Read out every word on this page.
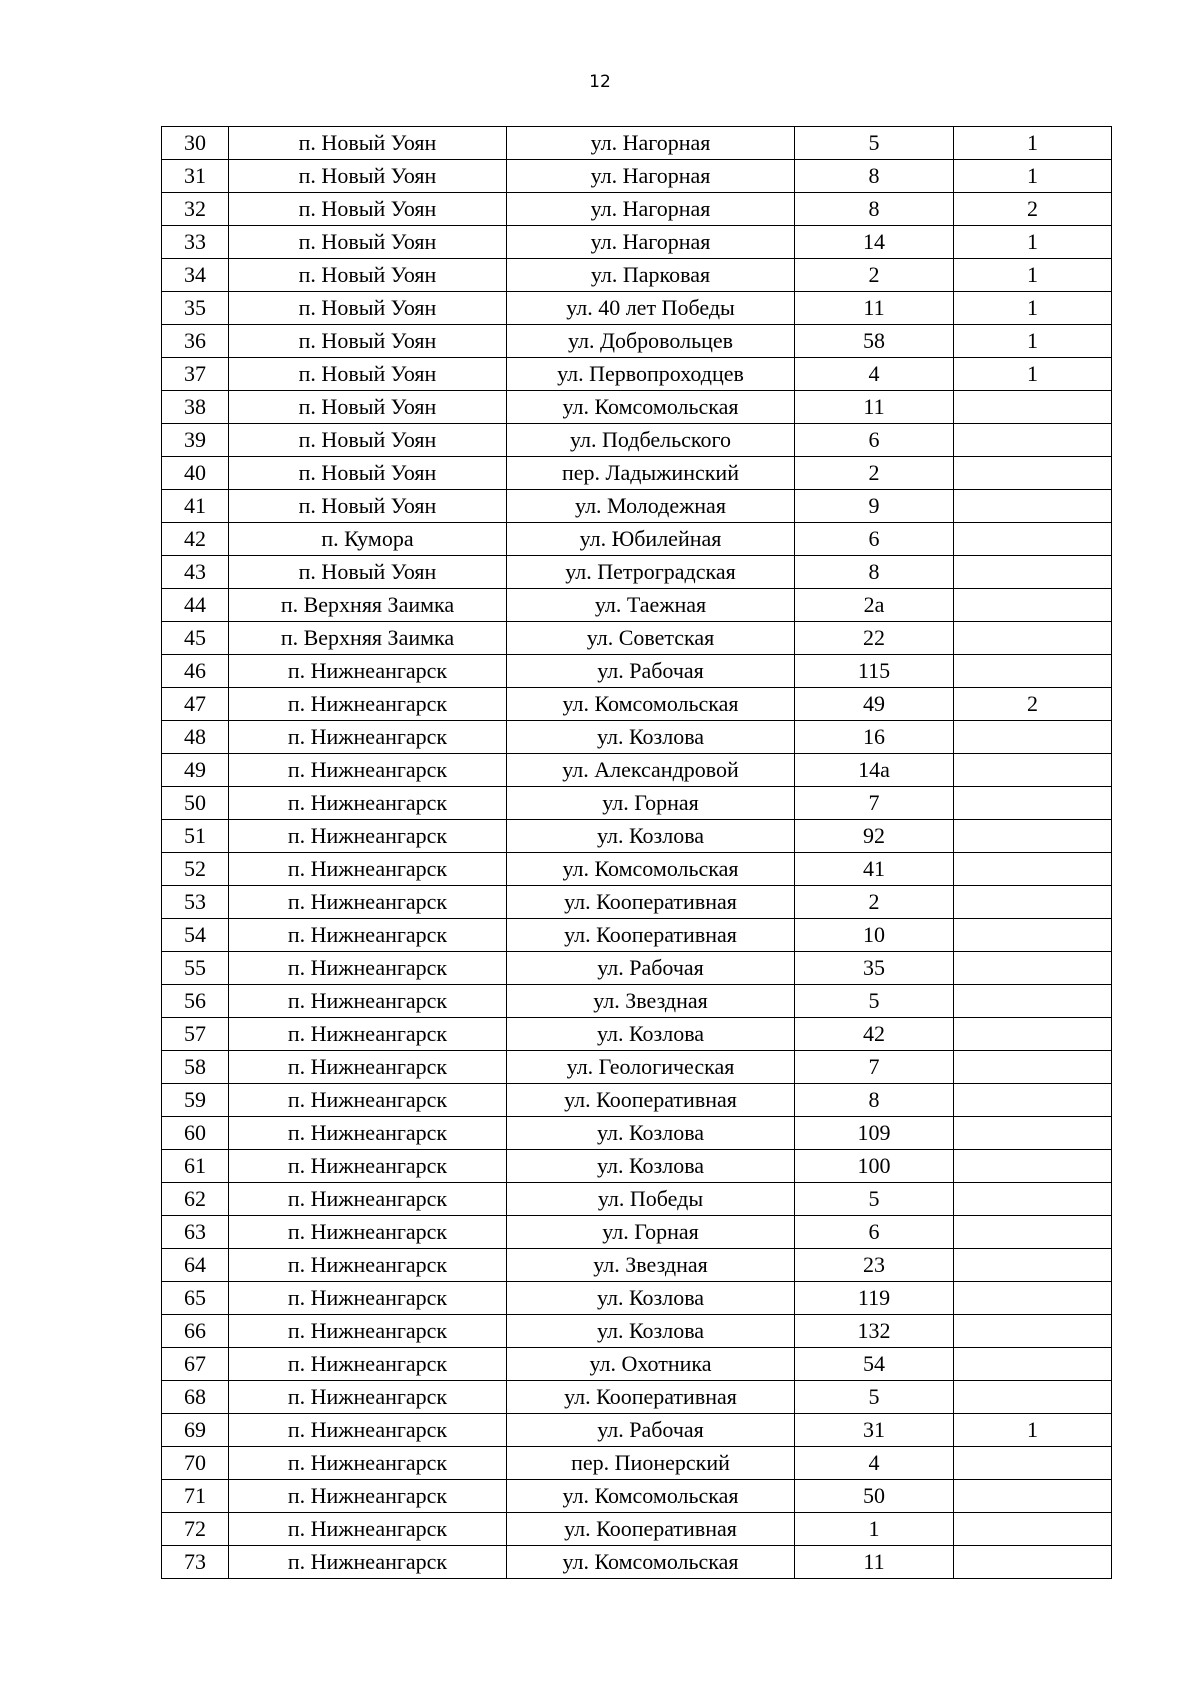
12
30	п. Новый Уоян	ул. Нагорная	5	1
31	п. Новый Уоян	ул. Нагорная	8	1
32	п. Новый Уоян	ул. Нагорная	8	2
33	п. Новый Уоян	ул. Нагорная	14	1
34	п. Новый Уоян	ул. Парковая	2	1
35	п. Новый Уоян	ул. 40 лет Победы	11	1
36	п. Новый Уоян	ул. Добровольцев	58	1
37	п. Новый Уоян	ул. Первопроходцев	4	1
38	п. Новый Уоян	ул. Комсомольская	11	
39	п. Новый Уоян	ул. Подбельского	6	
40	п. Новый Уоян	пер. Ладыжинский	2	
41	п. Новый Уоян	ул. Молодежная	9	
42	п. Кумора	ул. Юбилейная	6	
43	п. Новый Уоян	ул. Петроградская	8	
44	п. Верхняя Заимка	ул. Таежная	2а	
45	п. Верхняя Заимка	ул. Советская	22	
46	п. Нижнеангарск	ул. Рабочая	115	
47	п. Нижнеангарск	ул. Комсомольская	49	2
48	п. Нижнеангарск	ул. Козлова	16	
49	п. Нижнеангарск	ул. Александровой	14а	
50	п. Нижнеангарск	ул. Горная	7	
51	п. Нижнеангарск	ул. Козлова	92	
52	п. Нижнеангарск	ул. Комсомольская	41	
53	п. Нижнеангарск	ул. Кооперативная	2	
54	п. Нижнеангарск	ул. Кооперативная	10	
55	п. Нижнеангарск	ул. Рабочая	35	
56	п. Нижнеангарск	ул. Звездная	5	
57	п. Нижнеангарск	ул. Козлова	42	
58	п. Нижнеангарск	ул. Геологическая	7	
59	п. Нижнеангарск	ул. Кооперативная	8	
60	п. Нижнеангарск	ул. Козлова	109	
61	п. Нижнеангарск	ул. Козлова	100	
62	п. Нижнеангарск	ул. Победы	5	
63	п. Нижнеангарск	ул. Горная	6	
64	п. Нижнеангарск	ул. Звездная	23	
65	п. Нижнеангарск	ул. Козлова	119	
66	п. Нижнеангарск	ул. Козлова	132	
67	п. Нижнеангарск	ул. Охотника	54	
68	п. Нижнеангарск	ул. Кооперативная	5	
69	п. Нижнеангарск	ул. Рабочая	31	1
70	п. Нижнеангарск	пер. Пионерский	4	
71	п. Нижнеангарск	ул. Комсомольская	50	
72	п. Нижнеангарск	ул. Кооперативная	1	
73	п. Нижнеангарск	ул. Комсомольская	11	
